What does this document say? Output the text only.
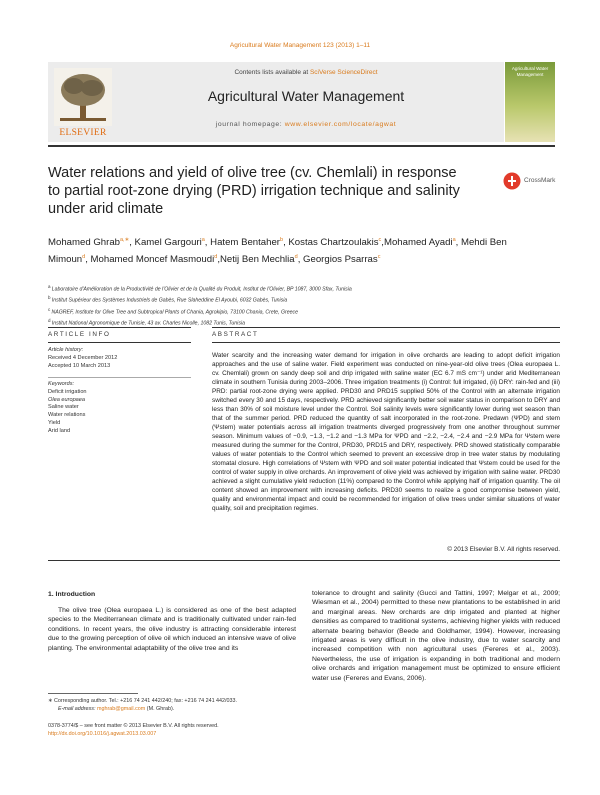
Agricultural Water Management 123 (2013) 1–11
ELSEVIER
Contents lists available at SciVerse ScienceDirect
Agricultural Water Management
journal homepage: www.elsevier.com/locate/agwat
Agricultural Water Management
Water relations and yield of olive tree (cv. Chemlali) in response to partial root-zone drying (PRD) irrigation technique and salinity under arid climate
CrossMark
Mohamed Ghrab$^{a,∗}$, Kamel Gargouri$^a$, Hatem Bentaher$^b$, Kostas Chartzoulakis$^c$,Mohamed Ayadi$^a$, Mehdi Ben Mimoun$^d$, Mohamed Moncef Masmoudi$^d$,Netij Ben Mechlia$^d$, Georgios Psarras$^c$
$^a$ Laboratoire d'Amélioration de la Productivité de l'Olivier et de la Qualité du Produit, Institut de l'Olivier, BP 1087, 3000 Sfax, Tunisia
$^b$ Institut Supérieur des Systèmes Industriels de Gabès, Rue Slaheddine El Ayoubi, 6032 Gabès, Tunisia
$^c$ NAGREF, Institute for Olive Tree and Subtropical Plants of Chania, Agrokipio, 73100 Chania, Crete, Greece
$^d$ Institut National Agronomique de Tunisie, 43 av. Charles Nicolle, 1082 Tunis, Tunisia
ARTICLE INFO
Article history:
Received 4 December 2012
Accepted 10 March 2013
Keywords:
Deficit irrigation
Olea europaea
Saline water
Water relations
Yield
Arid land
ABSTRACT
Water scarcity and the increasing water demand for irrigation in olive orchards are leading to adopt deficit irrigation approaches and the use of saline water. Field experiment was conducted on nine-year-old olive trees (Olea europaea L. cv. Chemlali) grown on sandy deep soil and drip irrigated with saline water (EC 6.7 mS cm⁻¹) under arid Mediterranean climate in southern Tunisia during 2003–2006. Three irrigation treatments (i) Control: full irrigated, (ii) DRY: rain-fed and (iii) PRD: partial root-zone drying were applied. PRD30 and PRD15 supplied 50% of the Control with an alternate irrigation switched every 30 and 15 days, respectively. PRD achieved significantly better soil water status in comparison to DRY and less than 30% of soil moisture level under the Control. Soil salinity levels were significantly lower during wet season than that of the summer period. PRD reduced the quantity of salt incorporated in the root-zone. Predawn (ΨPD) and stem (Ψstem) water potentials across all irrigation treatments diverged progressively from one another throughout summer season. Minimum values of −0.9, −1.3, −1.2 and −1.3 MPa for ΨPD and −2.2, −2.4, −2.4 and −2.9 MPa for Ψstem were measured during the summer for the Control, PRD30, PRD15 and DRY, respectively. PRD showed statistically comparable values of water potentials to the Control which seemed to prevent an excessive drop in tree water status by modulating stomatal closure. High correlations of Ψstem with ΨPD and soil water potential indicated that Ψstem could be used for the control of water supply in olive orchards. An improvement of olive yield was achieved by irrigation with saline water. PRD30 achieved a slight cumulative yield reduction (11%) compared to the Control while applying half of irrigation quantity. The oil content showed an improvement with increasing deficits. PRD30 seems to realize a good compromise between yield, quality and environmental impact and could be recommended for irrigation of olive trees under similar situations of water quality, soil and precipitation regimes.
© 2013 Elsevier B.V. All rights reserved.
1. Introduction
The olive tree (Olea europaea L.) is considered as one of the best adapted species to the Mediterranean climate and is traditionally cultivated under rain-fed conditions. In recent years, the olive industry is attracting considerable interest due to the growing perception of olive oil which induced an intensive wave of olive planting. The environmental adaptability of the olive tree and its
tolerance to drought and salinity (Gucci and Tattini, 1997; Melgar et al., 2009; Wiesman et al., 2004) permitted to these new plantations to be established in arid and marginal areas. New orchards are drip irrigated and planted at higher densities as compared to traditional systems, achieving higher yields with reduced alternate bearing behavior (Beede and Goldhamer, 1994). However, increasing irrigated areas is very difficult in the olive industry, due to water scarcity and increased competition with non agricultural uses (Fereres et al., 2003). Nevertheless, the use of irrigation is expanding in both traditional and modern olive orchards and irrigation management must be optimized to ensure efficient water use (Fereres and Evans, 2006).
∗ Corresponding author. Tel.: +216 74 241 442/240; fax: +216 74 241 442/033.
E-mail address: mghrab@gmail.com (M. Ghrab).
0378-3774/$ – see front matter © 2013 Elsevier B.V. All rights reserved.
http://dx.doi.org/10.1016/j.agwat.2013.03.007
